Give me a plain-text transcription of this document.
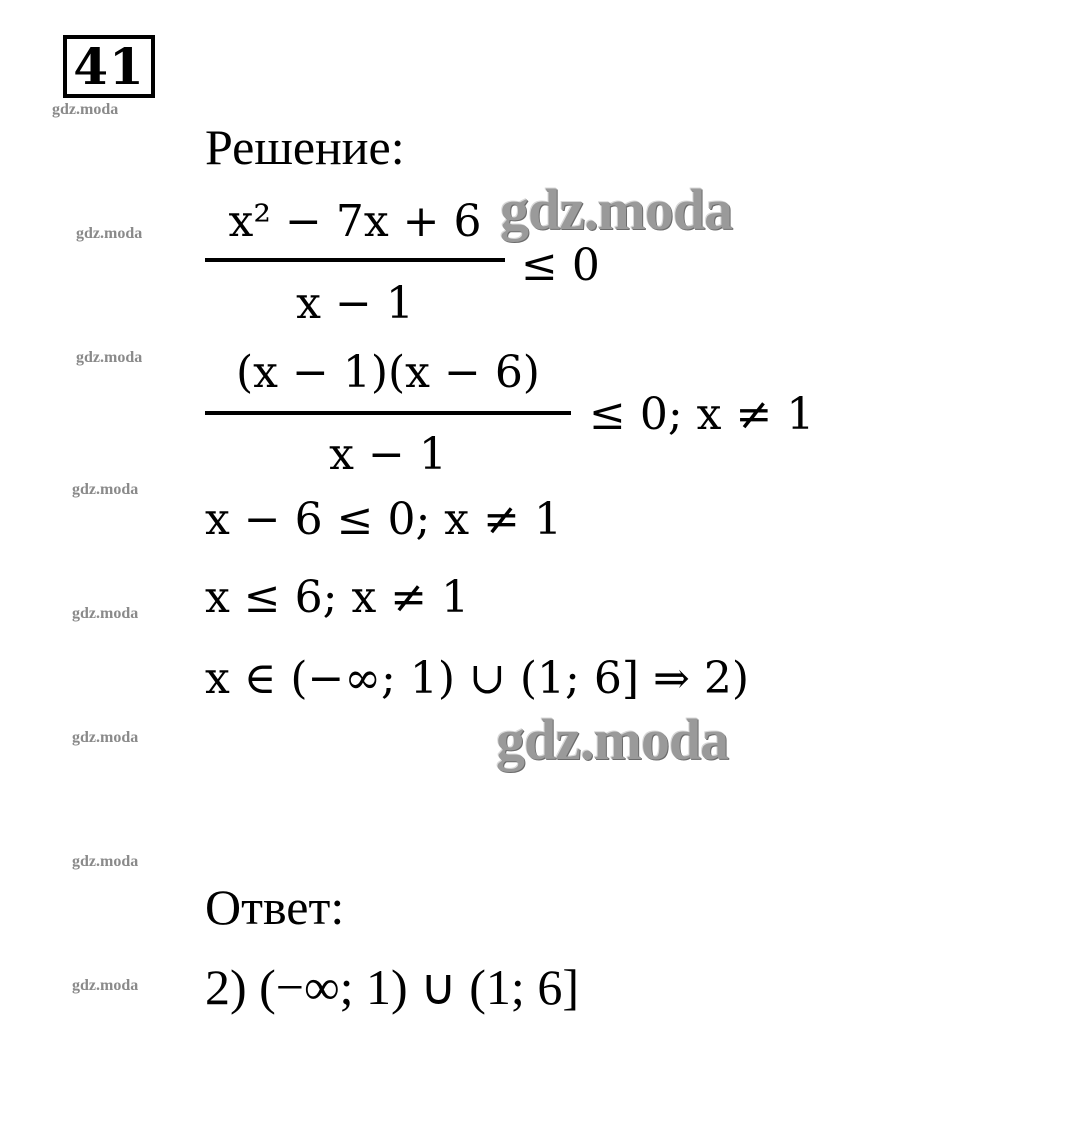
41
gdz.moda
gdz.moda
gdz.moda
gdz.moda
gdz.moda
gdz.moda
gdz.moda
gdz.moda
Решение:
x² − 7x + 6
x − 1
≤ 0
(x − 1)(x − 6)
x − 1
≤ 0; x ≠ 1
x − 6 ≤ 0; x ≠ 1
x ≤ 6; x ≠ 1
x ∈ (−∞; 1) ∪ (1; 6] ⇒ 2)
gdz.moda
gdz.moda
Ответ:
2) (−∞; 1) ∪ (1; 6]
